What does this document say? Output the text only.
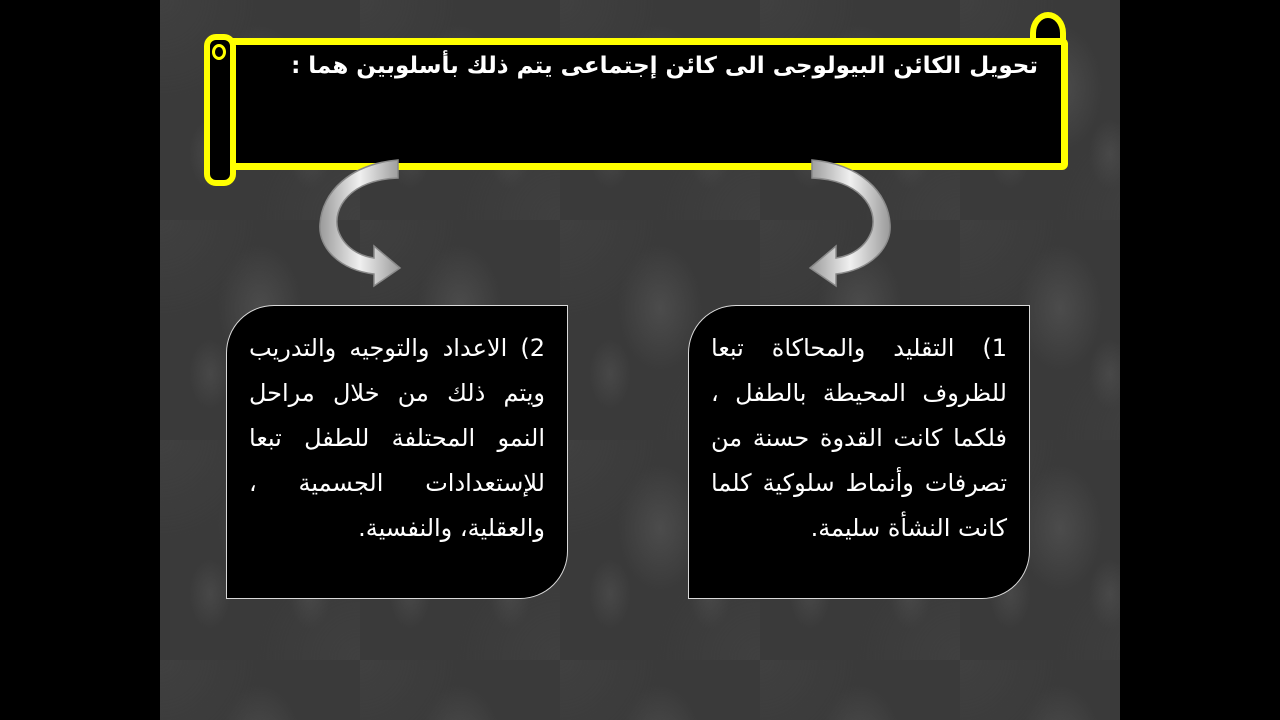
تحويل الكائن البيولوجى الى كائن إجتماعى يتم ذلك بأسلوبين هما :
1) التقليد والمحاكاة تبعا للظروف المحيطة بالطفل ، فلكما كانت القدوة حسنة من تصرفات وأنماط سلوكية كلما كانت النشأة سليمة.
2) الاعداد والتوجيه والتدريب ويتم ذلك من خلال مراحل النمو المحتلفة للطفل تبعا للإستعدادات الجسمية ، والعقلية، والنفسية.
